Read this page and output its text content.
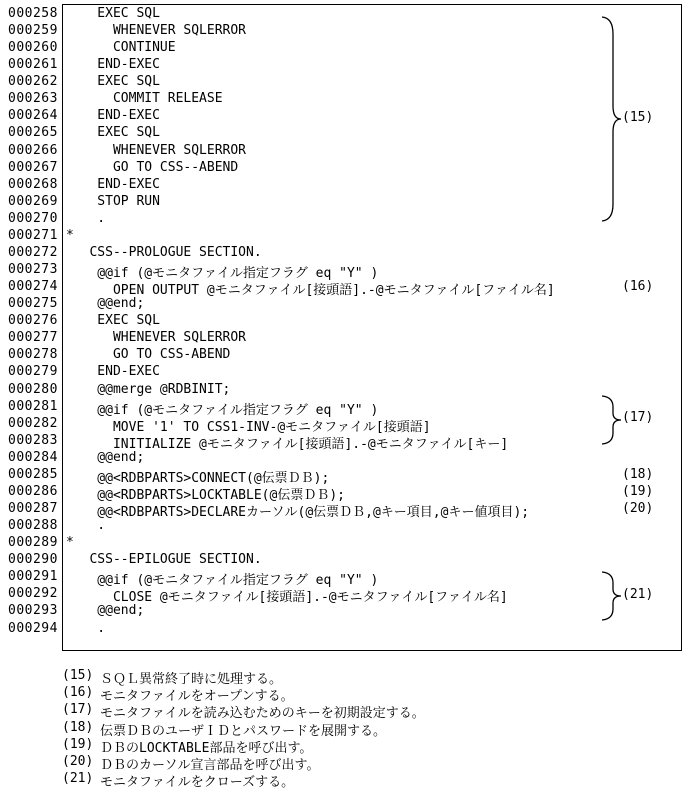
000258 EXEC SQL
000259 WHENEVER SQLERROR
000260 CONTINUE
000261 END-EXEC
000262 EXEC SQL
000263 COMMIT RELEASE
000264 END-EXEC
000265 EXEC SQL
000266 WHENEVER SQLERROR
000267 GO TO CSS--ABEND
000268 END-EXEC
000269 STOP RUN
000270 .
000271 *
000272 CSS--PROLOGUE SECTION.
000273 @@if (@モニタファイル指定フラグ eq "Y" )
000274 OPEN OUTPUT @モニタファイル[接頭語].-@モニタファイル[ファイル名]	(16)
000275 @@end;
000276 EXEC SQL
000277 WHENEVER SQLERROR
000278 GO TO CSS-ABEND
000279 END-EXEC
000280 @@merge @RDBINIT;
000281 @@if (@モニタファイル指定フラグ eq "Y" )
000282 MOVE '1' TO CSS1-INV-@モニタファイル[接頭語]
000283 INITIALIZE @モニタファイル[接頭語].-@モニタファイル[キー]
000284 @@end;
000285 @@<RDBPARTS>CONNECT(@伝票ＤＢ);	(18)
000286 @@<RDBPARTS>LOCKTABLE(@伝票ＤＢ);	(19)
000287 @@<RDBPARTS>DECLAREカーソル(@伝票ＤＢ,@キー項目,@キー値項目);	(20)
000288 .
000289 *
000290 CSS--EPILOGUE SECTION.
000291 @@if (@モニタファイル指定フラグ eq "Y" )
000292 CLOSE @モニタファイル[接頭語].-@モニタファイル[ファイル名]
000293 @@end;
000294 .
(15)
(17)
(21)
(15) ＳＱＬ異常終了時に処理する。
(16) モニタファイルをオープンする。
(17) モニタファイルを読み込むためのキーを初期設定する。
(18) 伝票ＤＢのユーザＩＤとパスワードを展開する。
(19) ＤＢのLOCKTABLE部品を呼び出す。
(20) ＤＢのカーソル宣言部品を呼び出す。
(21) モニタファイルをクローズする。
